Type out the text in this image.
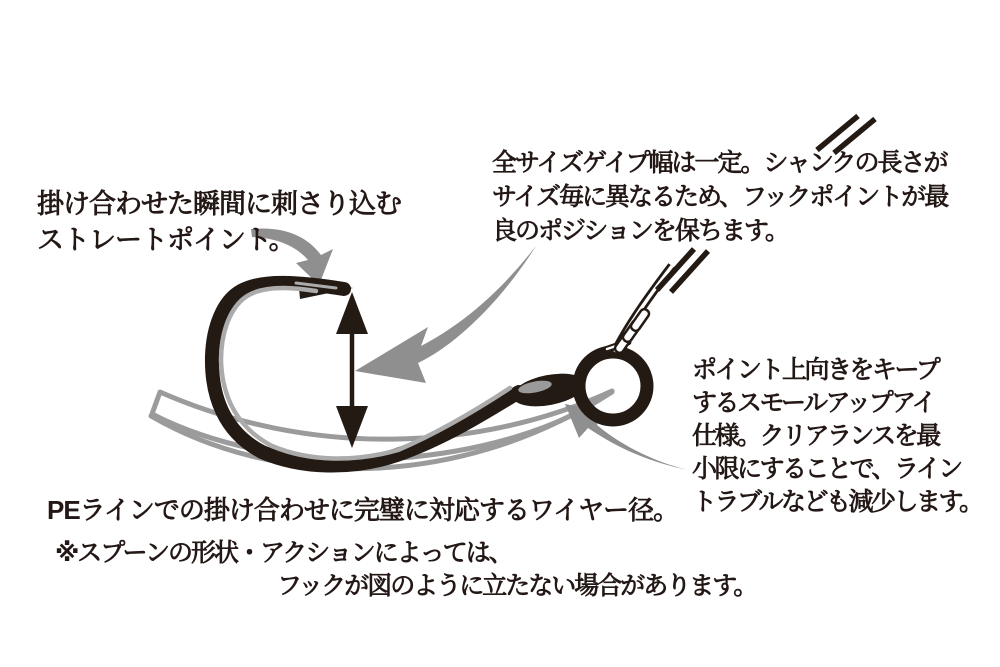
掛け合わせた瞬間に刺さり込む
ストレートポイント。
全サイズゲイプ幅は一定。シャンクの長さが
サイズ毎に異なるため、フックポイントが最
良のポジションを保ちます。
ポイント上向きをキープ
するスモールアップアイ
仕様。クリアランスを最
小限にすることで、ライン
トラブルなども減少します。
PEラインでの掛け合わせに完璧に対応するワイヤー径。
※スプーンの形状・アクションによっては、
フックが図のように立たない場合があります。
